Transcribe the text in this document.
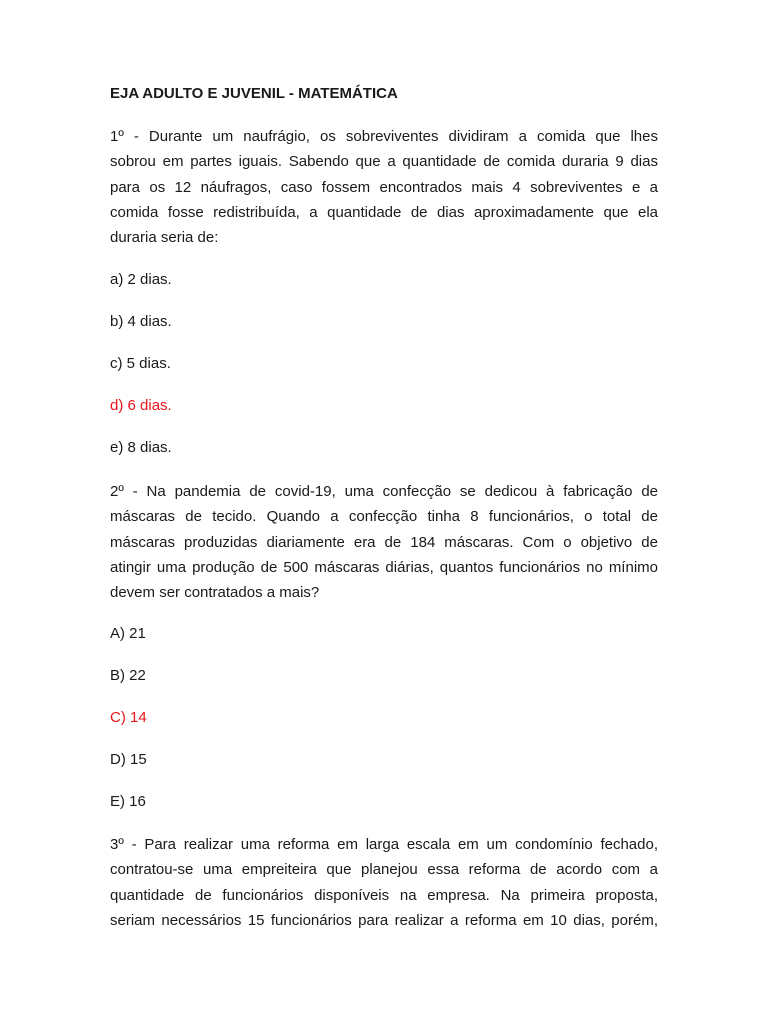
EJA ADULTO E JUVENIL - MATEMÁTICA
1º - Durante um naufrágio, os sobreviventes dividiram a comida que lhes
sobrou em partes iguais. Sabendo que a quantidade de comida duraria 9 dias
para os 12 náufragos, caso fossem encontrados mais 4 sobreviventes e a
comida fosse redistribuída, a quantidade de dias aproximadamente que ela
duraria seria de:
a) 2 dias.
b) 4 dias.
c) 5 dias.
d) 6 dias.
e) 8 dias.
2º - Na pandemia de covid-19, uma confecção se dedicou à fabricação de
máscaras de tecido. Quando a confecção tinha 8 funcionários, o total de
máscaras produzidas diariamente era de 184 máscaras. Com o objetivo de
atingir uma produção de 500 máscaras diárias, quantos funcionários no mínimo
devem ser contratados a mais?
A) 21
B) 22
C) 14
D) 15
E) 16
3º - Para realizar uma reforma em larga escala em um condomínio fechado,
contratou-se uma empreiteira que planejou essa reforma de acordo com a
quantidade de funcionários disponíveis na empresa. Na primeira proposta,
seriam necessários 15 funcionários para realizar a reforma em 10 dias, porém,
